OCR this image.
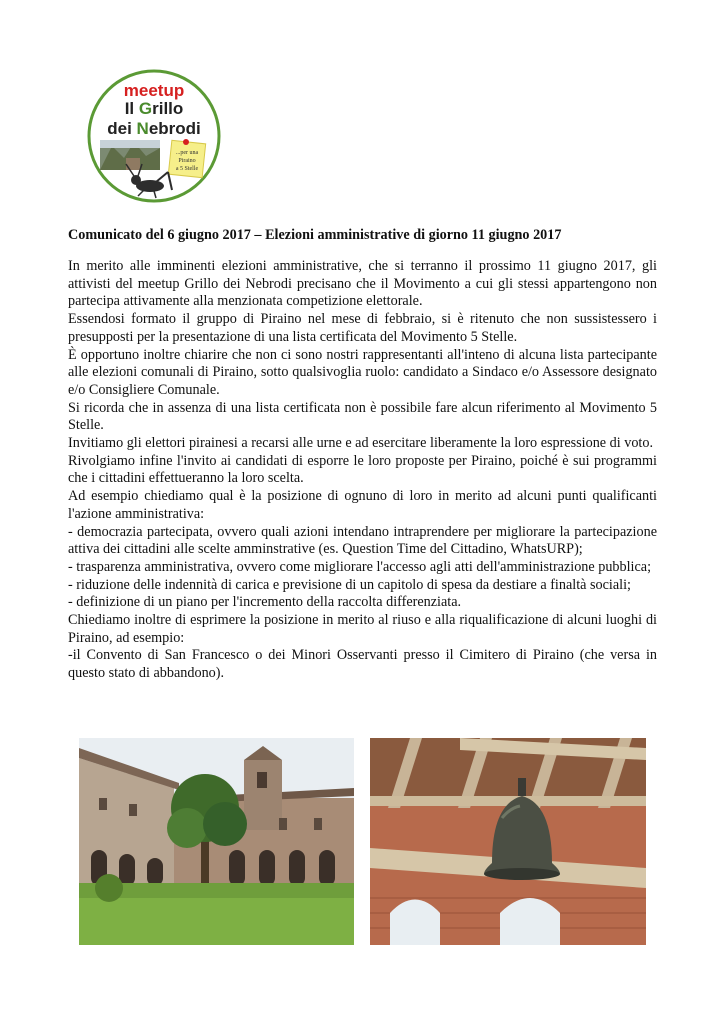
meetup
Il Grillo
dei Nebrodi
...per una
Piraino
a 5 Stelle
Comunicato del 6 giugno 2017 – Elezioni amministrative di giorno 11 giugno 2017

In merito alle imminenti elezioni amministrative, che si terranno il prossimo 11 giugno 2017, gli attivisti del meetup Grillo dei Nebrodi precisano che il Movimento a cui gli stessi appartengono non partecipa attivamente alla menzionata competizione elettorale.

Essendosi formato il gruppo di Piraino nel mese di febbraio, si è ritenuto che non sussistessero i presupposti per la presentazione di una lista certificata del Movimento 5 Stelle.

È opportuno inoltre chiarire che non ci sono nostri rappresentanti all'inteno di alcuna lista partecipante alle elezioni comunali di Piraino, sotto qualsivoglia ruolo: candidato a Sindaco e/o Assessore designato e/o Consigliere Comunale.

Si ricorda che in assenza di una lista certificata non è possibile fare alcun riferimento al Movimento 5 Stelle.

Invitiamo gli elettori pirainesi a recarsi alle urne e ad esercitare liberamente la loro espressione di voto.

Rivolgiamo infine l'invito ai candidati di esporre le loro proposte per Piraino, poiché è sui programmi che i cittadini effettueranno la loro scelta.

Ad esempio chiediamo qual è la posizione di ognuno di loro in merito ad alcuni punti qualificanti l'azione amministrativa:

- democrazia partecipata, ovvero quali azioni intendano intraprendere per migliorare la partecipazione attiva dei cittadini alle scelte amminstrative (es. Question Time del Cittadino, WhatsURP);

- trasparenza amministrativa, ovvero come migliorare l'accesso agli atti dell'amministrazione pubblica;

- riduzione delle indennità di carica e previsione di un capitolo di spesa da destiare a finaltà sociali;

- definizione di un piano per l'incremento della raccolta differenziata.

Chiediamo inoltre di esprimere la posizione in merito al riuso e alla riqualificazione di alcuni luoghi di Piraino, ad esempio:

-il Convento di San Francesco o dei Minori Osservanti presso il Cimitero di Piraino (che versa in questo stato di abbandono).
